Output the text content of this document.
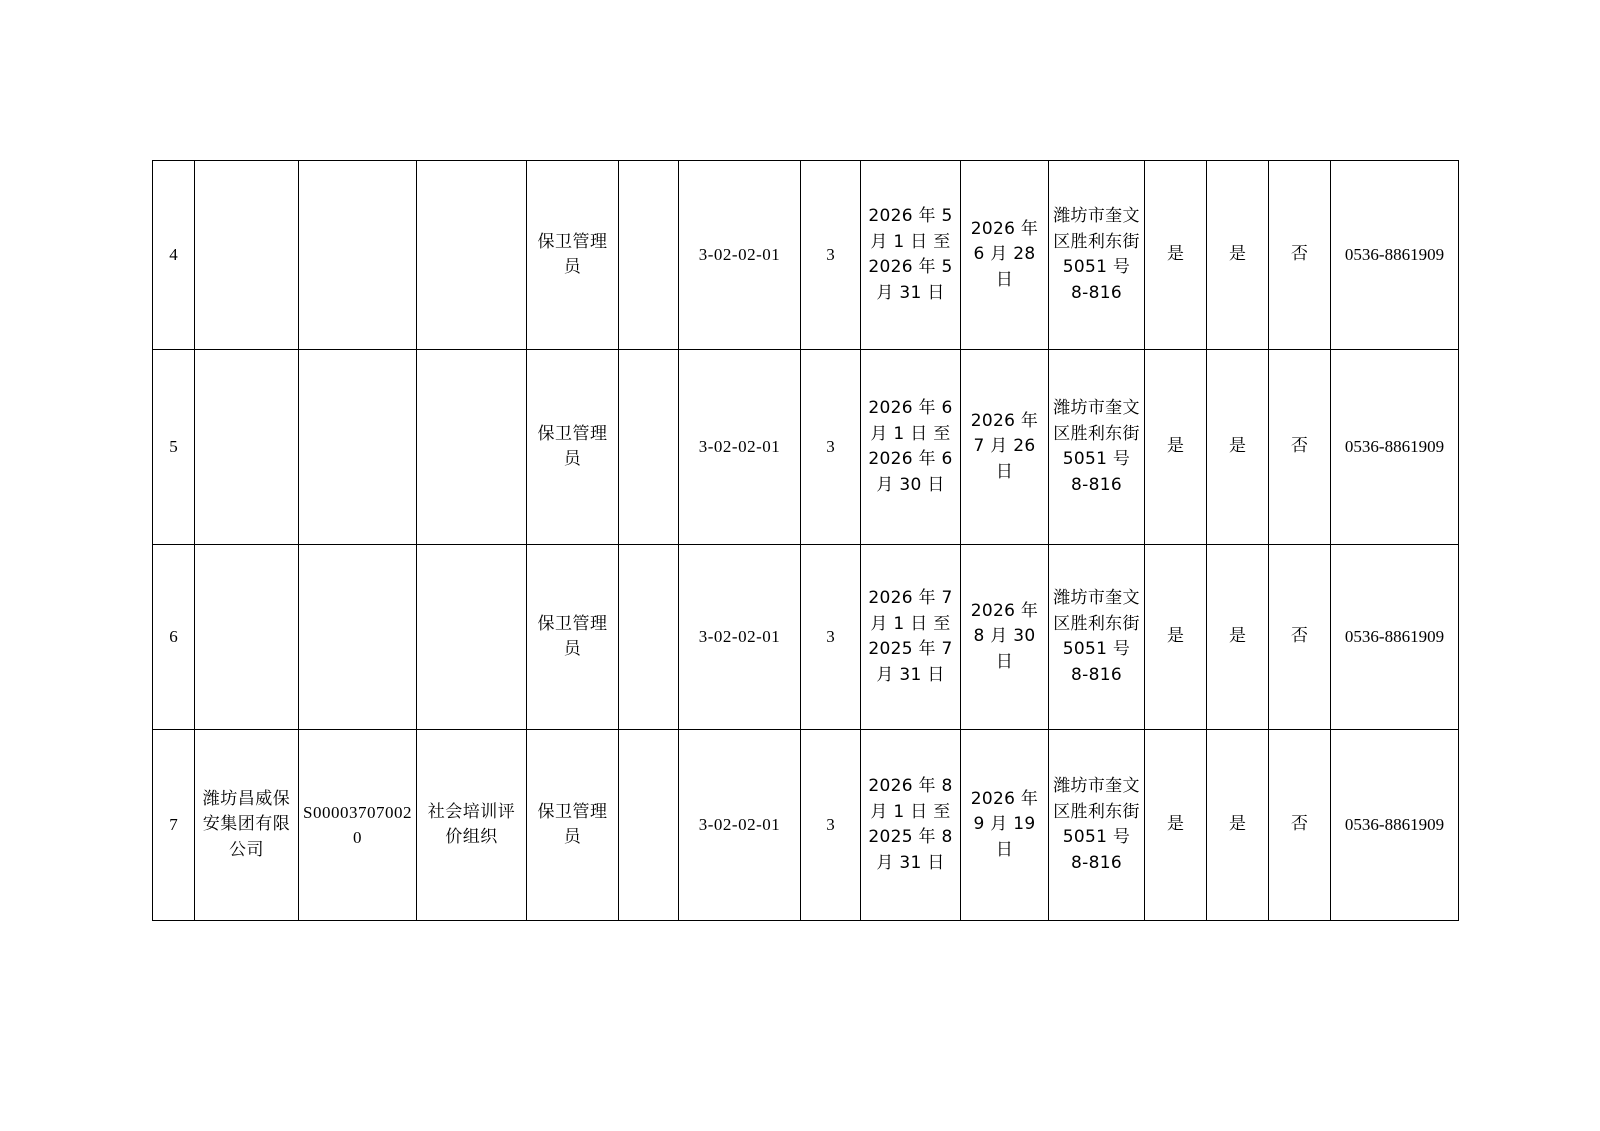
4				保卫管理员		3-02-02-01	3	2026 年 5 月 1 日 至 2026 年 5 月 31 日	2026 年 6 月 28 日	潍坊市奎文区胜利东街 5051 号 8-816	是	是	否	0536-8861909
5				保卫管理员		3-02-02-01	3	2026 年 6 月 1 日 至 2026 年 6 月 30 日	2026 年 7 月 26 日	潍坊市奎文区胜利东街 5051 号 8-816	是	是	否	0536-8861909
6				保卫管理员		3-02-02-01	3	2026 年 7 月 1 日 至 2025 年 7 月 31 日	2026 年 8 月 30 日	潍坊市奎文区胜利东街 5051 号 8-816	是	是	否	0536-8861909
7	潍坊昌威保安集团有限公司	S000037070020	社会培训评价组织	保卫管理员		3-02-02-01	3	2026 年 8 月 1 日 至 2025 年 8 月 31 日	2026 年 9 月 19 日	潍坊市奎文区胜利东街 5051 号 8-816	是	是	否	0536-8861909
